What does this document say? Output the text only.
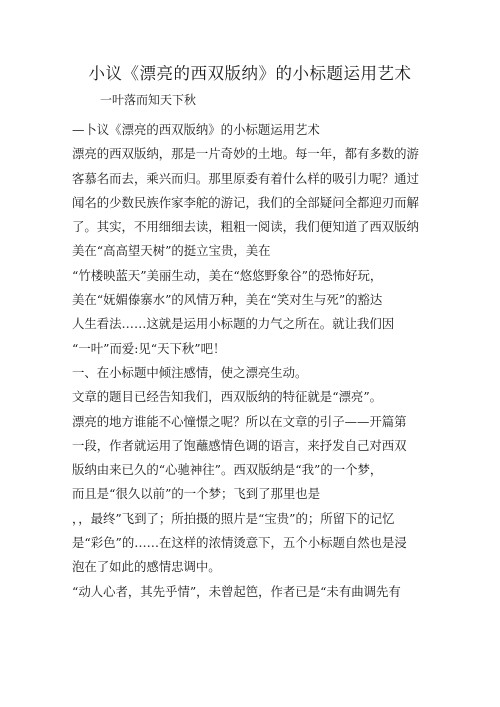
小议《漂亮的西双版纳》的小标题运用艺术
一叶落而知天下秋
—卜议《漂亮的西双版纳》的小标题运用艺术
漂亮的西双版纳，那是一片奇妙的土地。每一年，都有多数的游
客慕名而去，乘兴而归。那里原委有着什么样的吸引力呢？通过
闻名的少数民族作家李舵的游记，我们的全部疑问全都迎刃而解
了。其实，不用细细去读，粗粗一阅读，我们便知道了西双版纳
美在“高高望天树”的挺立宝贵，美在
“竹楼映蓝天”美丽生动，美在“悠悠野象谷”的恐怖好玩，
美在“妩媚傣寨水”的风情万种，美在“笑对生与死”的豁达
人生看法……这就是运用小标题的力气之所在。就让我们因
“一叶”而爱:见“天下秋”吧！
一、在小标题中倾注感情，使之漂亮生动。
文章的题目已经告知我们，西双版纳的特征就是“漂亮”。
漂亮的地方谁能不心憧憬之呢？所以在文章的引子——开篇第
一段，作者就运用了饱蘸感情色调的语言，来抒发自己对西双
版纳由来已久的“心驰神往”。西双版纳是“我”的一个梦，
而且是“很久以前”的一个梦；飞到了那里也是
，，最终”飞到了；所拍摄的照片是“宝贵”的；所留下的记忆
是“彩色”的……在这样的浓情烫意下，五个小标题自然也是浸
泡在了如此的感情忠调中。
“动人心者，其先乎情”，未曾起笆，作者已是“未有曲调先有
